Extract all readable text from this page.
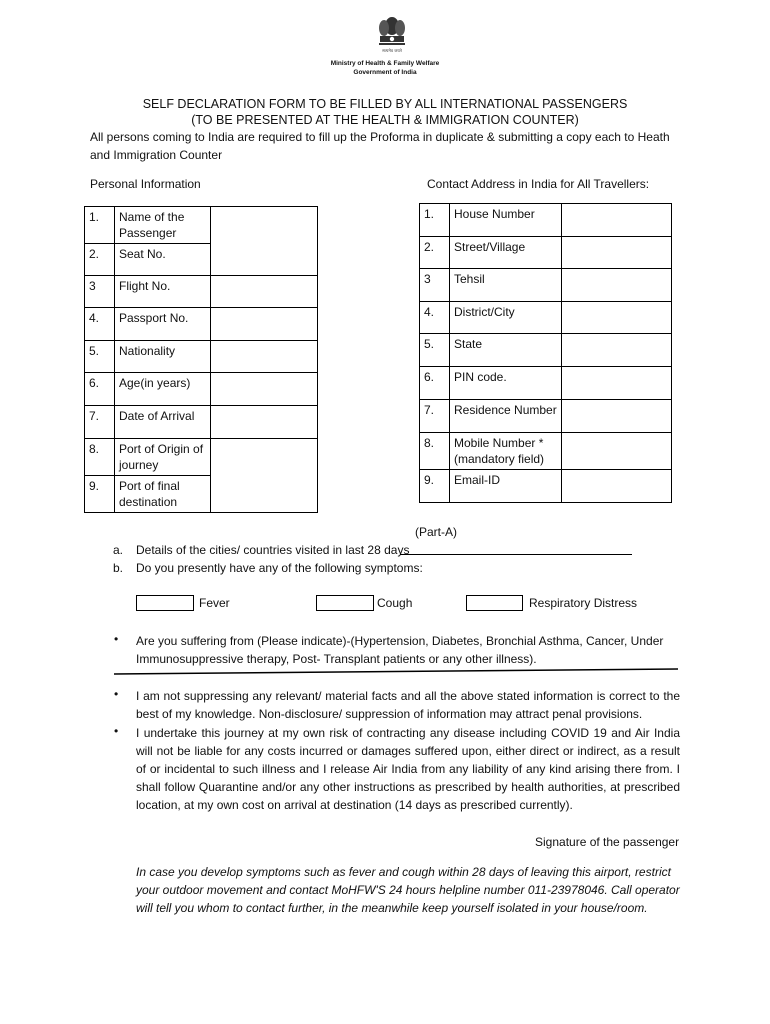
सत्यमेव जयते
Ministry of Health & Family Welfare
Government of India
SELF DECLARATION FORM TO BE FILLED BY ALL INTERNATIONAL PASSENGERS
(TO BE PRESENTED AT THE HEALTH & IMMIGRATION COUNTER)
All persons coming to India are required to fill up the Proforma in duplicate & submitting a copy each to Heath and Immigration Counter
Personal Information	Contact Address in India for All Travellers:
1.	Name of the Passenger	
2.	Seat No.	
3	Flight No.	
4.	Passport No.	
5.	Nationality	
6.	Age(in years)	
7.	Date of Arrival	
8.	Port of Origin of journey	
9.	Port of final destination	
1.	House Number	
2.	Street/Village	
3	Tehsil	
4.	District/City	
5.	State	
6.	PIN code.	
7.	Residence Number	
8.	Mobile Number * (mandatory field)	
9.	Email-ID	
(Part-A)
a. Details of the cities/ countries visited in last 28 days
b. Do you presently have any of the following symptoms:
Fever	Cough	Respiratory Distress
• Are you suffering from (Please indicate)-(Hypertension, Diabetes, Bronchial Asthma, Cancer, Under Immunosuppressive therapy, Post- Transplant patients or any other illness).
• I am not suppressing any relevant/ material facts and all the above stated information is correct to the best of my knowledge. Non-disclosure/ suppression of information may attract penal provisions.
• I undertake this journey at my own risk of contracting any disease including COVID 19 and Air India will not be liable for any costs incurred or damages suffered upon, either direct or indirect, as a result of or incidental to such illness and I release Air India from any liability of any kind arising there from. I shall follow Quarantine and/or any other instructions as prescribed by health authorities, at prescribed location, at my own cost on arrival at destination (14 days as prescribed currently).
Signature of the passenger
In case you develop symptoms such as fever and cough within 28 days of leaving this airport, restrict your outdoor movement and contact MoHFW'S 24 hours helpline number 011-23978046. Call operator will tell you whom to contact further, in the meanwhile keep yourself isolated in your house/room.
